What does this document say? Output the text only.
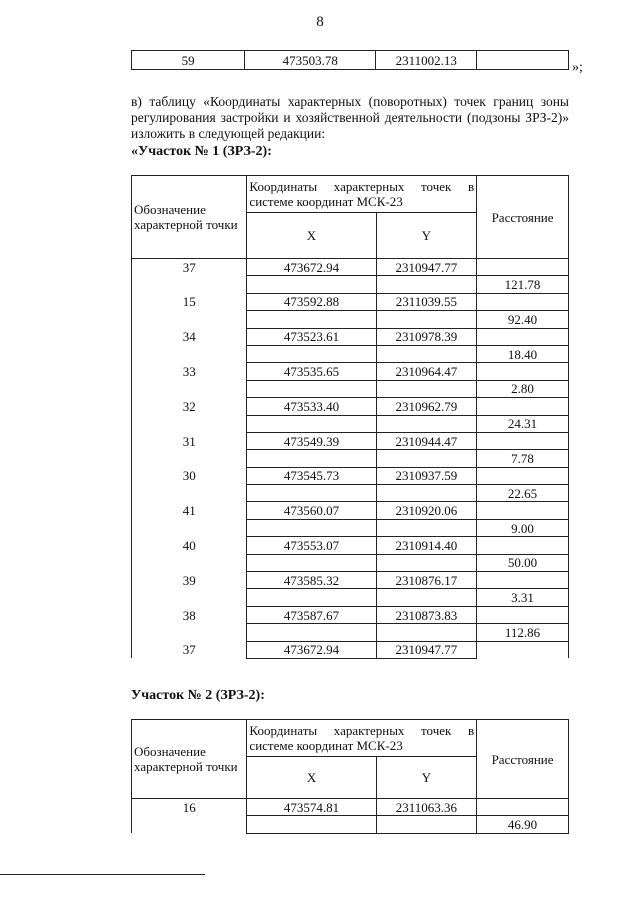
8
59	473503.78	2311002.13		»;
в) таблицу «Координаты характерных (поворотных) точек границ зоны регулирования застройки и хозяйственной деятельности (подзоны ЗРЗ-2)» изложить в следующей редакции:
«Участок № 1 (ЗРЗ-2):
Обозначение характерной точки	Координаты характерных точек в системе координат МСК-23		Расстояние
	X	Y	
37	473672.94	2310947.77	
			121.78
15	473592.88	2311039.55	
			92.40
34	473523.61	2310978.39	
			18.40
33	473535.65	2310964.47	
			2.80
32	473533.40	2310962.79	
			24.31
31	473549.39	2310944.47	
			7.78
30	473545.73	2310937.59	
			22.65
41	473560.07	2310920.06	
			9.00
40	473553.07	2310914.40	
			50.00
39	473585.32	2310876.17	
			3.31
38	473587.67	2310873.83	
			112.86
37	473672.94	2310947.77	
Участок № 2 (ЗРЗ-2):
Обозначение характерной точки	Координаты характерных точек в системе координат МСК-23		Расстояние
	X	Y	
16	473574.81	2311063.36	
			46.90
